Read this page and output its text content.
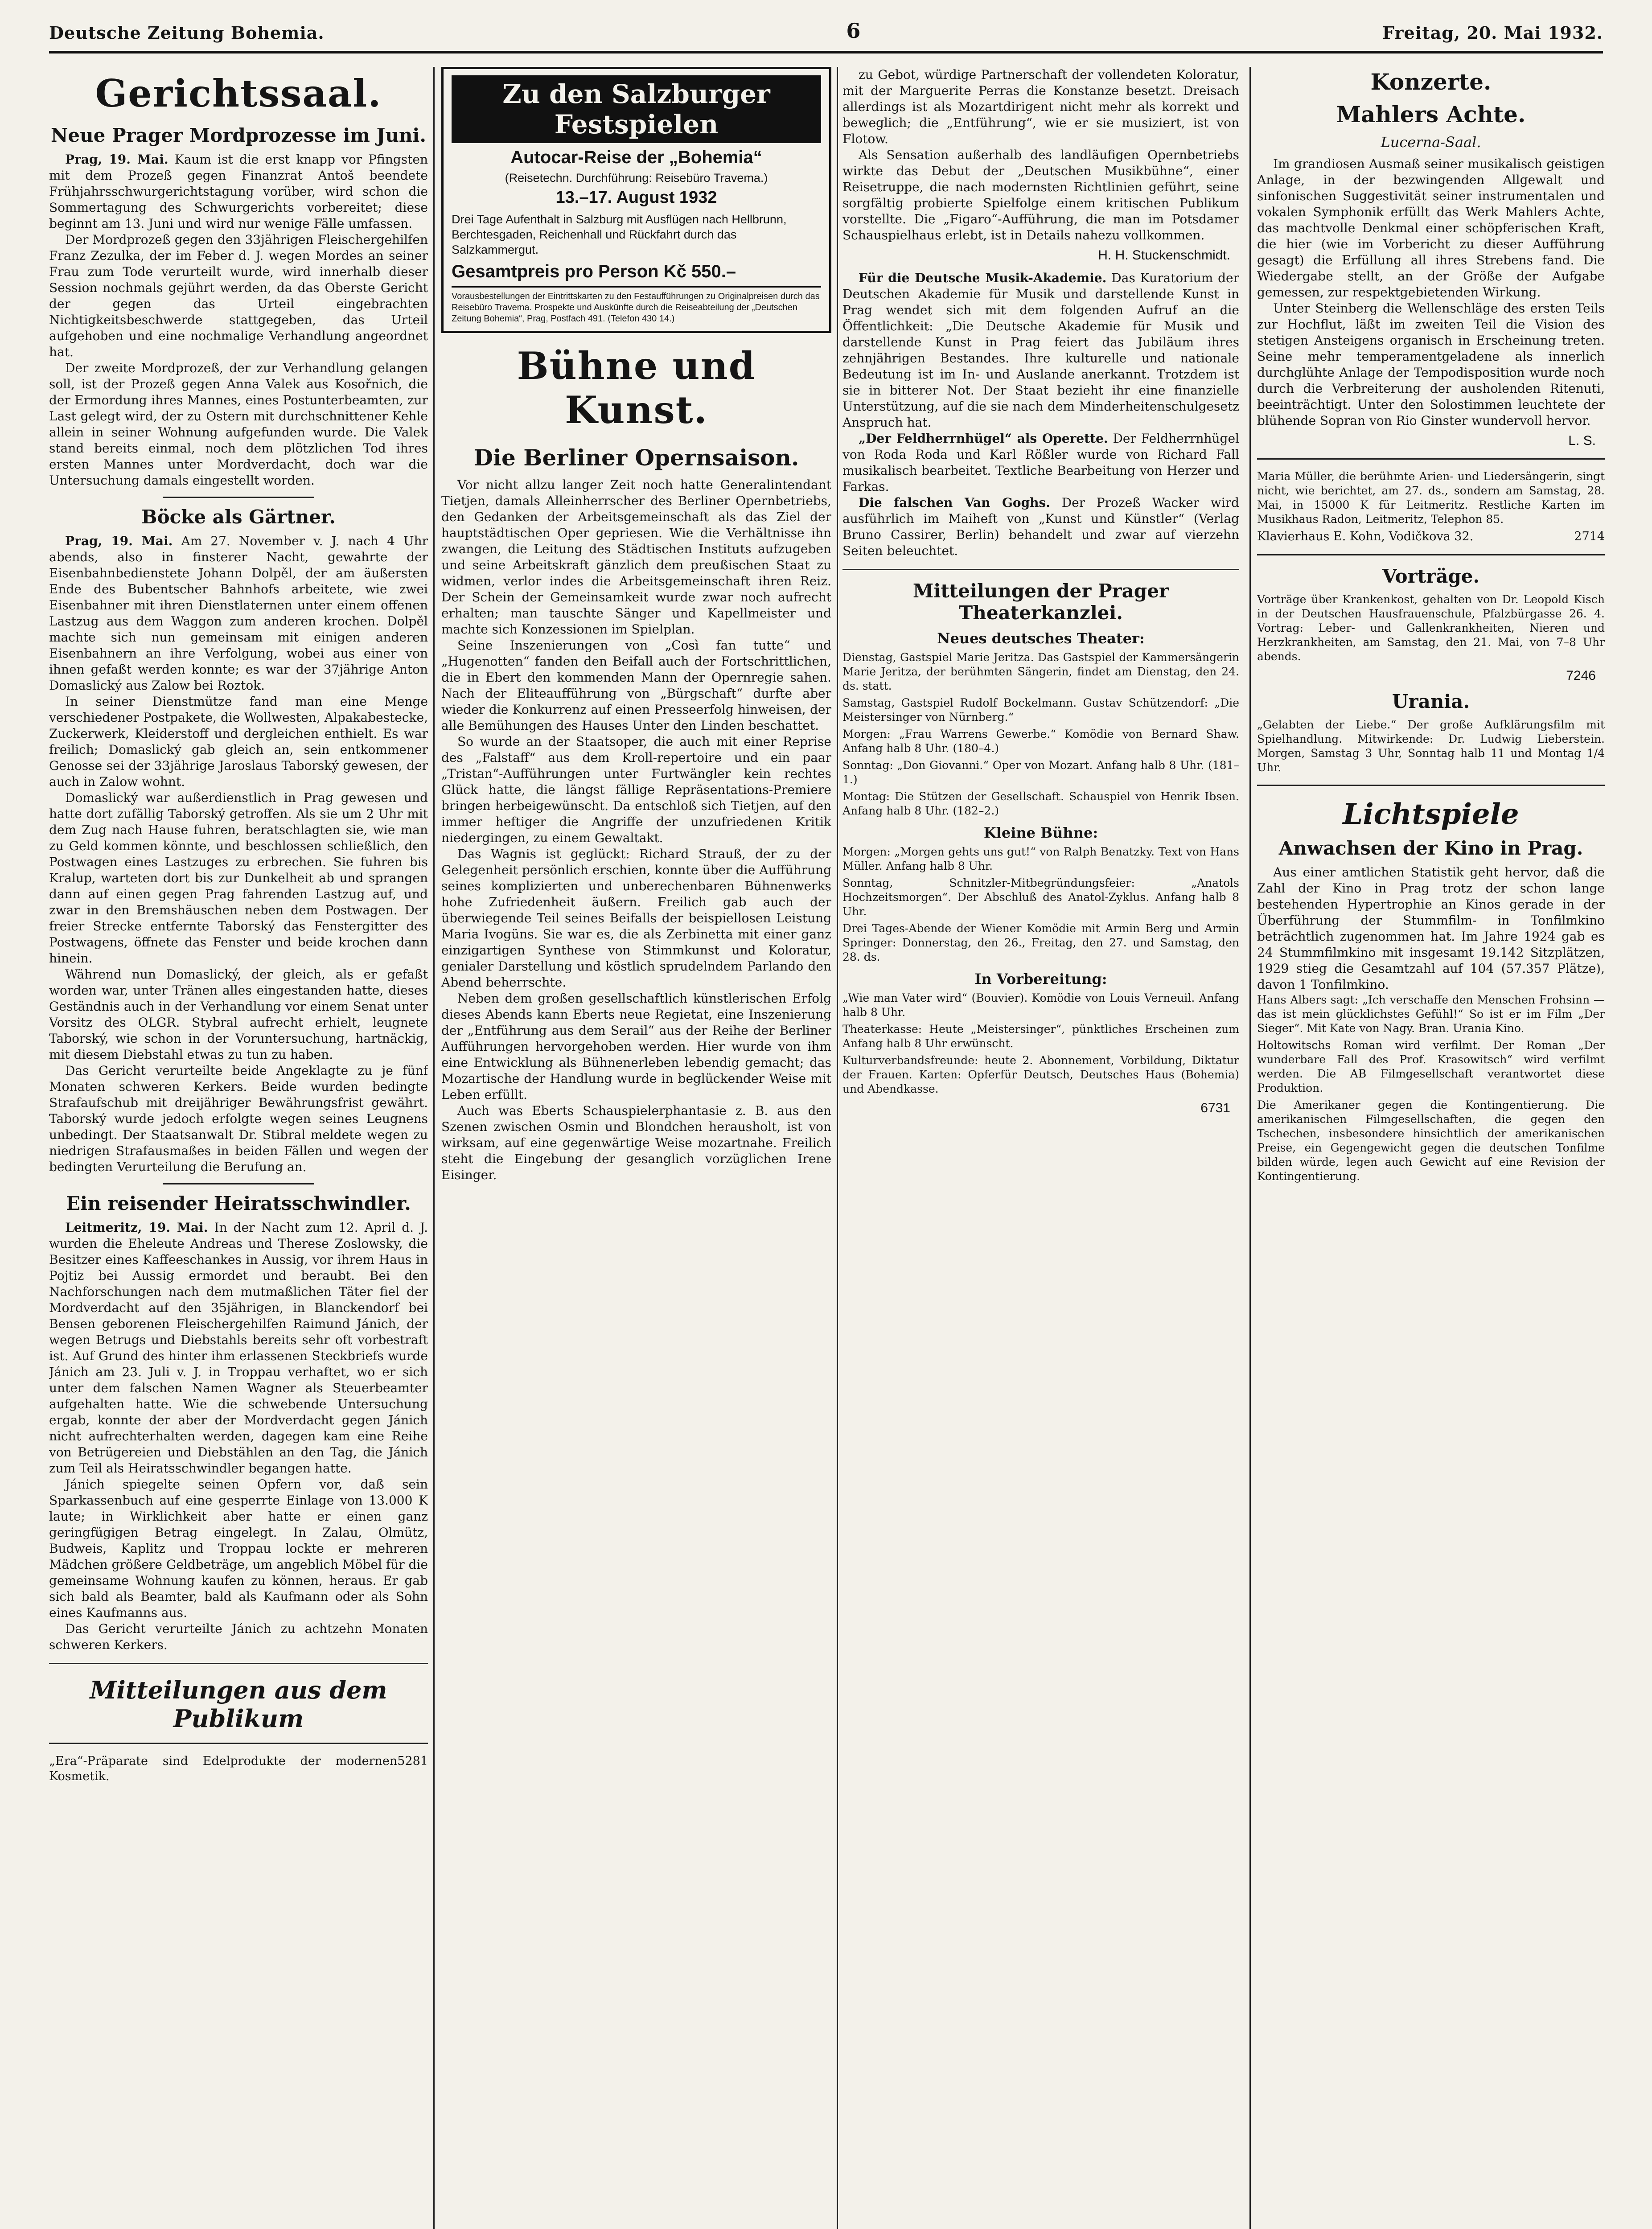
Deutsche Zeitung Bohemia.	6	Freitag, 20. Mai 1932.
Gerichtssaal.
Neue Prager Mordprozesse im Juni.

Prag, 19. Mai. Kaum ist die erst knapp vor Pfingsten mit dem Prozeß gegen Finanzrat Antoš beendete Frühjahrsschwurgerichtstagung vorüber, wird schon die Sommertagung des Schwurgerichts vorbereitet; diese beginnt am 13. Juni und wird nur wenige Fälle umfassen.

Der Mordprozeß gegen den 33jährigen Fleischergehilfen Franz Zezulka, der im Feber d. J. wegen Mordes an seiner Frau zum Tode verurteilt wurde, wird innerhalb dieser Session nochmals gejührt werden, da das Oberste Gericht der gegen das Urteil eingebrachten Nichtigkeitsbeschwerde stattgegeben, das Urteil aufgehoben und eine nochmalige Verhandlung angeordnet hat.

Der zweite Mordprozeß, der zur Verhandlung gelangen soll, ist der Prozeß gegen Anna Valek aus Kosořnich, die der Ermordung ihres Mannes, eines Postunterbeamten, zur Last gelegt wird, der zu Ostern mit durchschnittener Kehle allein in seiner Wohnung aufgefunden wurde. Die Valek stand bereits einmal, noch dem plötzlichen Tod ihres ersten Mannes unter Mordverdacht, doch war die Untersuchung damals eingestellt worden.

Böcke als Gärtner.

Prag, 19. Mai. Am 27. November v. J. nach 4 Uhr abends, also in finsterer Nacht, gewahrte der Eisenbahnbedienstete Johann Dolpěl, der am äußersten Ende des Bubentscher Bahnhofs arbeitete, wie zwei Eisenbahner mit ihren Dienstlaternen unter einem offenen Lastzug aus dem Waggon zum anderen krochen. Dolpěl machte sich nun gemeinsam mit einigen anderen Eisenbahnern an ihre Verfolgung, wobei aus einer von ihnen gefaßt werden konnte; es war der 37jährige Anton Domaslický aus Zalow bei Roztok.

In seiner Dienstmütze fand man eine Menge verschiedener Postpakete, die Wollwesten, Alpakabestecke, Zuckerwerk, Kleiderstoff und dergleichen enthielt. Es war freilich; Domaslický gab gleich an, sein entkommener Genosse sei der 33jährige Jaroslaus Taborský gewesen, der auch in Zalow wohnt.

Domaslický war außerdienstlich in Prag gewesen und hatte dort zufällig Taborský getroffen. Als sie um 2 Uhr mit dem Zug nach Hause fuhren, beratschlagten sie, wie man zu Geld kommen könnte, und beschlossen schließlich, den Postwagen eines Lastzuges zu erbrechen. Sie fuhren bis Kralup, warteten dort bis zur Dunkelheit ab und sprangen dann auf einen gegen Prag fahrenden Lastzug auf, und zwar in den Bremshäuschen neben dem Postwagen. Der freier Strecke entfernte Taborský das Fenstergitter des Postwagens, öffnete das Fenster und beide krochen dann hinein.

Während nun Domaslický, der gleich, als er gefaßt worden war, unter Tränen alles eingestanden hatte, dieses Geständnis auch in der Verhandlung vor einem Senat unter Vorsitz des OLGR. Stybral aufrecht erhielt, leugnete Taborský, wie schon in der Voruntersuchung, hartnäckig, mit diesem Diebstahl etwas zu tun zu haben.

Das Gericht verurteilte beide Angeklagte zu je fünf Monaten schweren Kerkers. Beide wurden bedingte Strafaufschub mit dreijähriger Bewährungsfrist gewährt. Taborský wurde jedoch erfolgte wegen seines Leugnens unbedingt. Der Staatsanwalt Dr. Stibral meldete wegen zu niedrigen Strafausmaßes in beiden Fällen und wegen der bedingten Verurteilung die Berufung an.

Ein reisender Heiratsschwindler.

Leitmeritz, 19. Mai. In der Nacht zum 12. April d. J. wurden die Eheleute Andreas und Therese Zoslowsky, die Besitzer eines Kaffeeschankes in Aussig, vor ihrem Haus in Pojtiz bei Aussig ermordet und beraubt. Bei den Nachforschungen nach dem mutmaßlichen Täter fiel der Mordverdacht auf den 35jährigen, in Blanckendorf bei Bensen geborenen Fleischergehilfen Raimund Jánich, der wegen Betrugs und Diebstahls bereits sehr oft vorbestraft ist. Auf Grund des hinter ihm erlassenen Steckbriefs wurde Jánich am 23. Juli v. J. in Troppau verhaftet, wo er sich unter dem falschen Namen Wagner als Steuerbeamter aufgehalten hatte. Wie die schwebende Untersuchung ergab, konnte der aber der Mordverdacht gegen Jánich nicht aufrechterhalten werden, dagegen kam eine Reihe von Betrügereien und Diebstählen an den Tag, die Jánich zum Teil als Heiratsschwindler begangen hatte.

Jánich spiegelte seinen Opfern vor, daß sein Sparkassenbuch auf eine gesperrte Einlage von 13.000 K laute; in Wirklichkeit aber hatte er einen ganz geringfügigen Betrag eingelegt. In Zalau, Olmütz, Budweis, Kaplitz und Troppau lockte er mehreren Mädchen größere Geldbeträge, um angeblich Möbel für die gemeinsame Wohnung kaufen zu können, heraus. Er gab sich bald als Beamter, bald als Kaufmann oder als Sohn eines Kaufmanns aus.

Das Gericht verurteilte Jánich zu achtzehn Monaten schweren Kerkers.

Mitteilungen aus dem Publikum
„Era“-Präparate sind Edelprodukte der modernen Kosmetik.
5281
Zu den Salzburger Festspielen
Autocar-Reise der „Bohemia“
(Reisetechn. Durchführung: Reisebüro Travema.)
13.–17. August 1932
Drei Tage Aufenthalt in Salzburg mit Ausflügen nach Hellbrunn, Berchtesgaden, Reichenhall und Rückfahrt durch das Salzkammergut.
Gesamtpreis pro Person Kč 550.–
Vorausbestellungen der Eintrittskarten zu den Festaufführungen zu Originalpreisen durch das Reisebüro Travema. Prospekte und Auskünfte durch die Reiseabteilung der „Deutschen Zeitung Bohemia“, Prag, Postfach 491. (Telefon 430 14.)
Bühne und Kunst.
Die Berliner Opernsaison.

Vor nicht allzu langer Zeit noch hatte Generalintendant Tietjen, damals Alleinherrscher des Berliner Opernbetriebs, den Gedanken der Arbeitsgemeinschaft als das Ziel der hauptstädtischen Oper gepriesen. Wie die Verhältnisse ihn zwangen, die Leitung des Städtischen Instituts aufzugeben und seine Arbeitskraft gänzlich dem preußischen Staat zu widmen, verlor indes die Arbeitsgemeinschaft ihren Reiz. Der Schein der Gemeinsamkeit wurde zwar noch aufrecht erhalten; man tauschte Sänger und Kapellmeister und machte sich Konzessionen im Spielplan.

Seine Inszenierungen von „Così fan tutte“ und „Hugenotten“ fanden den Beifall auch der Fortschrittlichen, die in Ebert den kommenden Mann der Opernregie sahen. Nach der Eliteaufführung von „Bürgschaft“ durfte aber wieder die Konkurrenz auf einen Presseerfolg hinweisen, der alle Bemühungen des Hauses Unter den Linden beschattet.

So wurde an der Staatsoper, die auch mit einer Reprise des „Falstaff“ aus dem Kroll-repertoire und ein paar „Tristan“-Aufführungen unter Furtwängler kein rechtes Glück hatte, die längst fällige Repräsentations-Premiere bringen herbeigewünscht. Da entschloß sich Tietjen, auf den immer heftiger die Angriffe der unzufriedenen Kritik niedergingen, zu einem Gewaltakt.

Das Wagnis ist geglückt: Richard Strauß, der zu der Gelegenheit persönlich erschien, konnte über die Aufführung seines komplizierten und unberechenbaren Bühnenwerks hohe Zufriedenheit äußern. Freilich gab auch der überwiegende Teil seines Beifalls der beispiellosen Leistung Maria Ivogüns. Sie war es, die als Zerbinetta mit einer ganz einzigartigen Synthese von Stimmkunst und Koloratur, genialer Darstellung und köstlich sprudelndem Parlando den Abend beherrschte.

Neben dem großen gesellschaftlich künstlerischen Erfolg dieses Abends kann Eberts neue Regietat, eine Inszenierung der „Entführung aus dem Serail“ aus der Reihe der Berliner Aufführungen hervorgehoben werden. Hier wurde von ihm eine Entwicklung als Bühnenerleben lebendig gemacht; das Mozartische der Handlung wurde in beglückender Weise mit Leben erfüllt.

Auch was Eberts Schauspielerphantasie z. B. aus den Szenen zwischen Osmin und Blondchen herausholt, ist von wirksam, auf eine gegenwärtige Weise mozartnahe. Freilich steht die Eingebung der gesanglich vorzüglichen Irene Eisinger.

zu Gebot, würdige Partnerschaft der vollendeten Koloratur, mit der Marguerite Perras die Konstanze besetzt. Dreisach allerdings ist als Mozartdirigent nicht mehr als korrekt und beweglich; die „Entführung“, wie er sie musiziert, ist von Flotow.

Als Sensation außerhalb des landläufigen Opernbetriebs wirkte das Debut der „Deutschen Musikbühne“, einer Reisetruppe, die nach modernsten Richtlinien geführt, seine sorgfältig probierte Spielfolge einem kritischen Publikum vorstellte. Die „Figaro“-Aufführung, die man im Potsdamer Schauspielhaus erlebt, ist in Details nahezu vollkommen.

H. H. Stuckenschmidt.

Für die Deutsche Musik-Akademie. Das Kuratorium der Deutschen Akademie für Musik und darstellende Kunst in Prag wendet sich mit dem folgenden Aufruf an die Öffentlichkeit: „Die Deutsche Akademie für Musik und darstellende Kunst in Prag feiert das Jubiläum ihres zehnjährigen Bestandes. Ihre kulturelle und nationale Bedeutung ist im In- und Auslande anerkannt. Trotzdem ist sie in bitterer Not. Der Staat bezieht ihr eine finanzielle Unterstützung, auf die sie nach dem Minderheitenschulgesetz Anspruch hat.

„Der Feldherrnhügel“ als Operette. Der Feldherrnhügel von Roda Roda und Karl Rößler wurde von Richard Fall musikalisch bearbeitet. Textliche Bearbeitung von Herzer und Farkas.

Die falschen Van Goghs. Der Prozeß Wacker wird ausführlich im Maiheft von „Kunst und Künstler“ (Verlag Bruno Cassirer, Berlin) behandelt und zwar auf vierzehn Seiten beleuchtet.

Mitteilungen der Prager Theaterkanzlei.
Neues deutsches Theater:

Dienstag, Gastspiel Marie Jeritza. Das Gastspiel der Kammersängerin Marie Jeritza, der berühmten Sängerin, findet am Dienstag, den 24. ds. statt.

Samstag, Gastspiel Rudolf Bockelmann. Gustav Schützendorf: „Die Meistersinger von Nürnberg.“

Morgen: „Frau Warrens Gewerbe.“ Komödie von Bernard Shaw. Anfang halb 8 Uhr. (180–4.)

Sonntag: „Don Giovanni.“ Oper von Mozart. Anfang halb 8 Uhr. (181–1.)

Montag: Die Stützen der Gesellschaft. Schauspiel von Henrik Ibsen. Anfang halb 8 Uhr. (182–2.)

Kleine Bühne:

Morgen: „Morgen gehts uns gut!“ von Ralph Benatzky. Text von Hans Müller. Anfang halb 8 Uhr.

Sonntag, Schnitzler-Mitbegründungsfeier: „Anatols Hochzeitsmorgen“. Der Abschluß des Anatol-Zyklus. Anfang halb 8 Uhr.

Drei Tages-Abende der Wiener Komödie mit Armin Berg und Armin Springer: Donnerstag, den 26., Freitag, den 27. und Samstag, den 28. ds.

In Vorbereitung:

„Wie man Vater wird“ (Bouvier). Komödie von Louis Verneuil. Anfang halb 8 Uhr.

Theaterkasse: Heute „Meistersinger“, pünktliches Erscheinen zum Anfang halb 8 Uhr erwünscht.

Kulturverbandsfreunde: heute 2. Abonnement, Vorbildung, Diktatur der Frauen. Karten: Opferfür Deutsch, Deutsches Haus (Bohemia) und Abendkasse.

6731
Konzerte.
Mahlers Achte.
Lucerna-Saal.

Im grandiosen Ausmaß seiner musikalisch geistigen Anlage, in der bezwingenden Allgewalt und sinfonischen Suggestivität seiner instrumentalen und vokalen Symphonik erfüllt das Werk Mahlers Achte, das machtvolle Denkmal einer schöpferischen Kraft, die hier (wie im Vorbericht zu dieser Aufführung gesagt) die Erfüllung all ihres Strebens fand. Die Wiedergabe stellt, an der Größe der Aufgabe gemessen, zur respektgebietenden Wirkung.

Unter Steinberg die Wellenschläge des ersten Teils zur Hochflut, läßt im zweiten Teil die Vision des stetigen Ansteigens organisch in Erscheinung treten. Seine mehr temperamentgeladene als innerlich durchglühte Anlage der Tempodisposition wurde noch durch die Verbreiterung der ausholenden Ritenuti, beeinträchtigt. Unter den Solostimmen leuchtete der blühende Sopran von Rio Ginster wundervoll hervor.

L. S.

Maria Müller, die berühmte Arien- und Liedersängerin, singt nicht, wie berichtet, am 27. ds., sondern am Samstag, 28. Mai, in 15000 K für Leitmeritz. Restliche Karten im Musikhaus Radon, Leitmeritz, Telephon 85.

Klavierhaus E. Kohn, Vodičkova 32.	2714
Vorträge.

Vorträge über Krankenkost, gehalten von Dr. Leopold Kisch in der Deutschen Hausfrauenschule, Pfalzbürgasse 26. 4. Vortrag: Leber- und Gallenkrankheiten, Nieren und Herzkrankheiten, am Samstag, den 21. Mai, von 7–8 Uhr abends.

7246
Urania.

„Gelabten der Liebe.“ Der große Aufklärungsfilm mit Spielhandlung. Mitwirkende: Dr. Ludwig Lieberstein. Morgen, Samstag 3 Uhr, Sonntag halb 11 und Montag 1/4 Uhr.

Lichtspiele
Anwachsen der Kino in Prag.

Aus einer amtlichen Statistik geht hervor, daß die Zahl der Kino in Prag trotz der schon lange bestehenden Hypertrophie an Kinos gerade in der Überführung der Stummfilm- in Tonfilmkino beträchtlich zugenommen hat. Im Jahre 1924 gab es 24 Stummfilmkino mit insgesamt 19.142 Sitzplätzen, 1929 stieg die Gesamtzahl auf 104 (57.357 Plätze), davon 1 Tonfilmkino.

Hans Albers sagt: „Ich verschaffe den Menschen Frohsinn — das ist mein glücklichstes Gefühl!“ So ist er im Film „Der Sieger“. Mit Kate von Nagy. Bran. Urania Kino.

Holtowitschs Roman wird verfilmt. Der Roman „Der wunderbare Fall des Prof. Krasowitsch“ wird verfilmt werden. Die AB Filmgesellschaft verantwortet diese Produktion.

Die Amerikaner gegen die Kontingentierung. Die amerikanischen Filmgesellschaften, die gegen den Tschechen, insbesondere hinsichtlich der amerikanischen Preise, ein Gegengewicht gegen die deutschen Tonfilme bilden würde, legen auch Gewicht auf eine Revision der Kontingentierung.
